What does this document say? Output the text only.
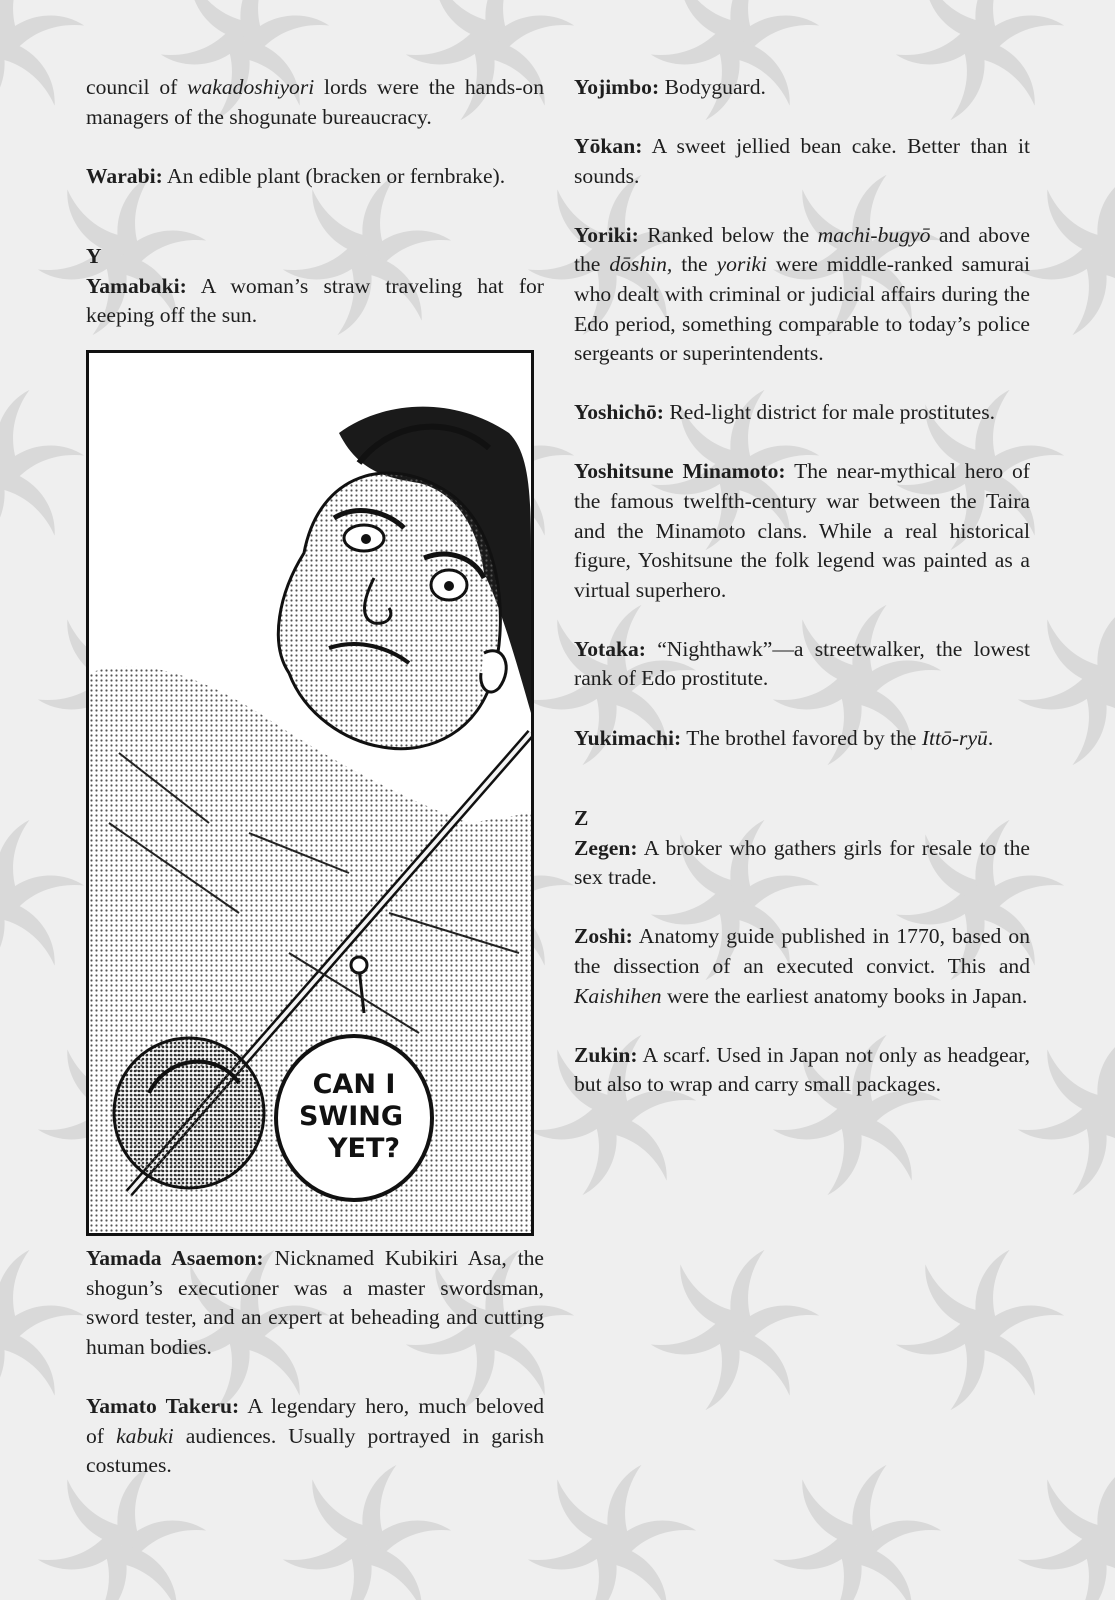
council of wakadoshiyori lords were the hands-on managers of the shogunate bureaucracy.

Warabi: An edible plant (bracken or fernbrake).

Y

Yamabaki: A woman’s straw traveling hat for keeping off the sun.

CAN I
SWING
YET?

Yamada Asaemon: Nicknamed Kubikiri Asa, the shogun’s executioner was a master swordsman, sword tester, and an expert at beheading and cutting human bodies.

Yamato Takeru: A legendary hero, much beloved of kabuki audiences. Usually portrayed in garish costumes.

Yojimbo: Bodyguard.

Yōkan: A sweet jellied bean cake. Better than it sounds.

Yoriki: Ranked below the machi-bugyō and above the dōshin, the yoriki were middle-ranked samurai who dealt with criminal or judicial affairs during the Edo period, something comparable to today’s police sergeants or superintendents.

Yoshichō: Red-light district for male prostitutes.

Yoshitsune Minamoto: The near-mythical hero of the famous twelfth-century war between the Taira and the Minamoto clans. While a real historical figure, Yoshitsune the folk legend was painted as a virtual superhero.

Yotaka: “Nighthawk”—a streetwalker, the lowest rank of Edo prostitute.

Yukimachi: The brothel favored by the Ittō-ryū.

Z

Zegen: A broker who gathers girls for resale to the sex trade.

Zoshi: Anatomy guide published in 1770, based on the dissection of an executed convict. This and Kaishihen were the earliest anatomy books in Japan.

Zukin: A scarf. Used in Japan not only as headgear, but also to wrap and carry small packages.
